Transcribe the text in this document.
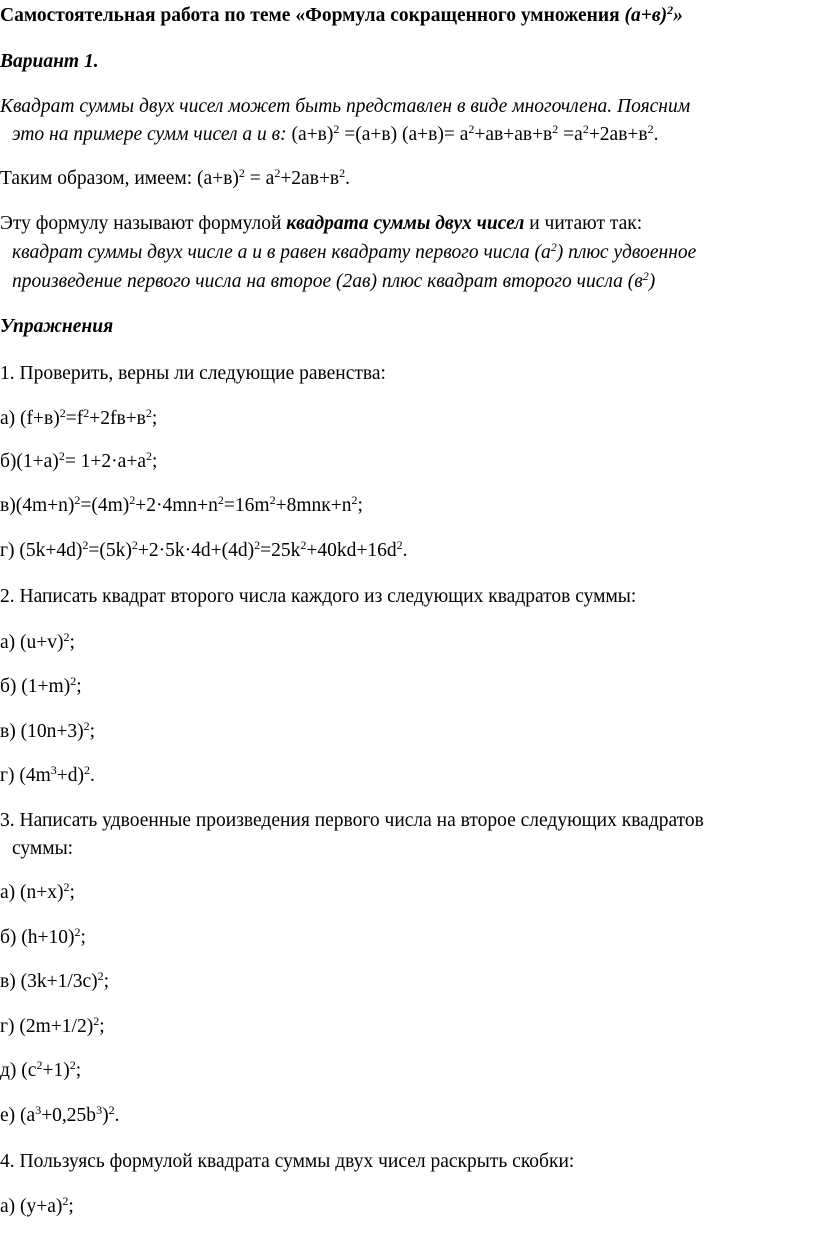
Самостоятельная работа по теме «Формула сокращенного умножения $(а+в)^2$»
Вариант 1.
Квадрат суммы двух чисел может быть представлен в виде многочлена. Поясним
это на примере сумм чисел а и в: $(а+в)^2 =(а+в)$ $(а+в)= а^2+ав+ав+в^2 =а^2+2ав+в^2$.
Таким образом, имеем: $(а+в)^2 = а^2+2ав+в^2$.
Эту формулу называют формулой квадрата суммы двух чисел и читают так:
квадрат суммы двух числе а и в равен квадрату первого числа $(а^2)$ плюс удвоенное
произведение первого числа на второе (2ав) плюс квадрат второго числа $(в^2)$
Упражнения
1. Проверить, верны ли следующие равенства:
а) $(f+в)^2=f^2+2fв+в^2$;
$б)(1+а)^2= 1+2\cdot а+а^2$;
$в)(4m+n)^2=(4m)^2+2\cdot 4mn+n^2=16m^2+8mnк+n^2$;
г) $(5k+4d)^2=(5k)^2+2\cdot 5k\cdot 4d+(4d)^2=25k^2+40kd+16d^2$.
2. Написать квадрат второго числа каждого из следующих квадратов суммы:
а) $(u+v)^2$;
б) $(1+m)^2$;
в) $(10n+3)^2$;
г) $(4m^3+d)^2$.
3. Написать удвоенные произведения первого числа на второе следующих квадратов
суммы:
а) $(n+x)^2$;
б) $(h+10)^2$;
в) $(3k+1/3c)^2$;
г) $(2m+1/2)^2$;
д) $(c^2+1)^2$;
е) $(a^3+0,25b^3)^2$.
4. Пользуясь формулой квадрата суммы двух чисел раскрыть скобки:
а) $(y+a)^2$;
